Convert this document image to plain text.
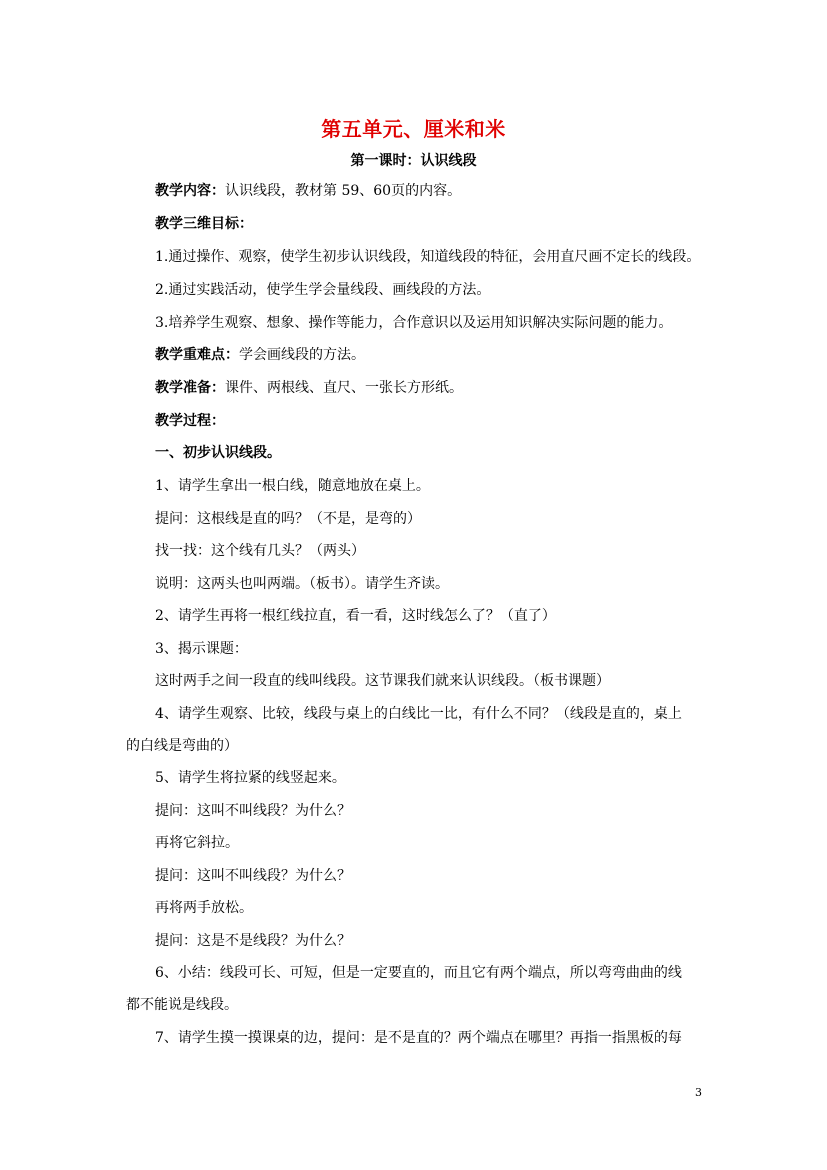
第五单元、厘米和米
第一课时：认识线段
教学内容：认识线段，教材第 59、60页的内容。
教学三维目标：
1.通过操作、观察，使学生初步认识线段，知道线段的特征，会用直尺画不定长的线段。
2.通过实践活动，使学生学会量线段、画线段的方法。
3.培养学生观察、想象、操作等能力，合作意识以及运用知识解决实际问题的能力。
教学重难点：学会画线段的方法。
教学准备：课件、两根线、直尺、一张长方形纸。
教学过程：
一、初步认识线段。
1、请学生拿出一根白线，随意地放在桌上。
提问：这根线是直的吗？（不是，是弯的）
找一找：这个线有几头？（两头）
说明：这两头也叫两端。（板书）。请学生齐读。
2、请学生再将一根红线拉直，看一看，这时线怎么了？（直了）
3、揭示课题：
这时两手之间一段直的线叫线段。这节课我们就来认识线段。（板书课题）
4、请学生观察、比较，线段与桌上的白线比一比，有什么不同？（线段是直的，桌上
的白线是弯曲的）
5、请学生将拉紧的线竖起来。
提问：这叫不叫线段？为什么？
再将它斜拉。
提问：这叫不叫线段？为什么？
再将两手放松。
提问：这是不是线段？为什么？
6、小结：线段可长、可短，但是一定要直的，而且它有两个端点，所以弯弯曲曲的线
都不能说是线段。
7、请学生摸一摸课桌的边，提问：是不是直的？两个端点在哪里？再指一指黑板的每
3
